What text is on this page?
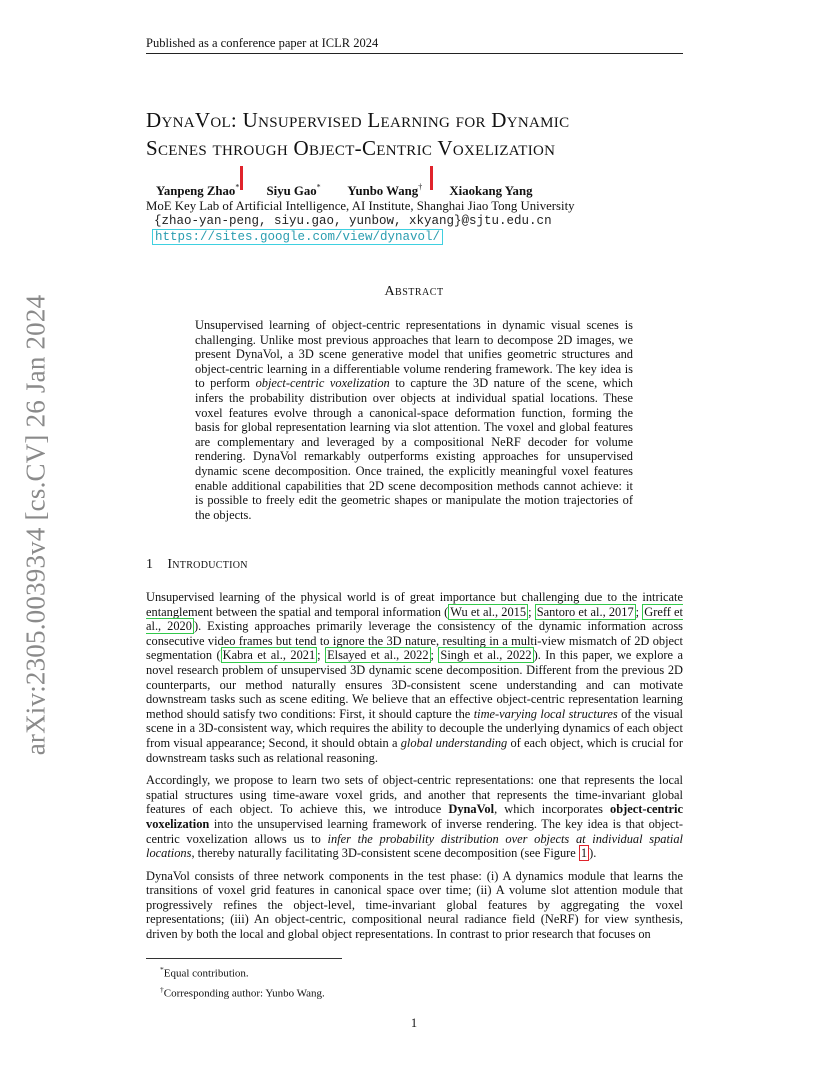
Published as a conference paper at ICLR 2024
arXiv:2305.00393v4 [cs.CV] 26 Jan 2024
DynaVol: Unsupervised Learning for Dynamic
Scenes through Object-Centric Voxelization
Yanpeng Zhao* Siyu Gao* Yunbo Wang† Xiaokang Yang
MoE Key Lab of Artificial Intelligence, AI Institute, Shanghai Jiao Tong University
{zhao-yan-peng, siyu.gao, yunbow, xkyang}@sjtu.edu.cn
https://sites.google.com/view/dynavol/
Abstract
Unsupervised learning of object-centric representations in dynamic visual scenes is challenging. Unlike most previous approaches that learn to decompose 2D images, we present DynaVol, a 3D scene generative model that unifies geometric structures and object-centric learning in a differentiable volume rendering framework. The key idea is to perform object-centric voxelization to capture the 3D nature of the scene, which infers the probability distribution over objects at individual spatial locations. These voxel features evolve through a canonical-space deformation function, forming the basis for global representation learning via slot attention. The voxel and global features are complementary and leveraged by a compositional NeRF decoder for volume rendering. DynaVol remarkably outperforms existing approaches for unsupervised dynamic scene decomposition. Once trained, the explicitly meaningful voxel features enable additional capabilities that 2D scene decomposition methods cannot achieve: it is possible to freely edit the geometric shapes or manipulate the motion trajectories of the objects.
1 Introduction

Unsupervised learning of the physical world is of great importance but challenging due to the intricate entanglement between the spatial and temporal information ( Wu et al., 2015 ; Santoro et al., 2017 ; Greff et al., 2020 ). Existing approaches primarily leverage the consistency of the dynamic information across consecutive video frames but tend to ignore the 3D nature, resulting in a multi-view mismatch of 2D object segmentation ( Kabra et al., 2021 ; Elsayed et al., 2022 ; Singh et al., 2022 ). In this paper, we explore a novel research problem of unsupervised 3D dynamic scene decomposition. Different from the previous 2D counterparts, our method naturally ensures 3D-consistent scene understanding and can motivate downstream tasks such as scene editing. We believe that an effective object-centric representation learning method should satisfy two conditions: First, it should capture the time-varying local structures of the visual scene in a 3D-consistent way, which requires the ability to decouple the underlying dynamics of each object from visual appearance; Second, it should obtain a global understanding of each object, which is crucial for downstream tasks such as relational reasoning.

Accordingly, we propose to learn two sets of object-centric representations: one that represents the local spatial structures using time-aware voxel grids, and another that represents the time-invariant global features of each object. To achieve this, we introduce DynaVol, which incorporates object-centric voxelization into the unsupervised learning framework of inverse rendering. The key idea is that object-centric voxelization allows us to infer the probability distribution over objects at individual spatial locations, thereby naturally facilitating 3D-consistent scene decomposition (see Figure 1 ).

DynaVol consists of three network components in the test phase: (i) A dynamics module that learns the transitions of voxel grid features in canonical space over time; (ii) A volume slot attention module that progressively refines the object-level, time-invariant global features by aggregating the voxel representations; (iii) An object-centric, compositional neural radiance field (NeRF) for view synthesis, driven by both the local and global object representations. In contrast to prior research that focuses on

*Equal contribution.
†Corresponding author: Yunbo Wang.
1
